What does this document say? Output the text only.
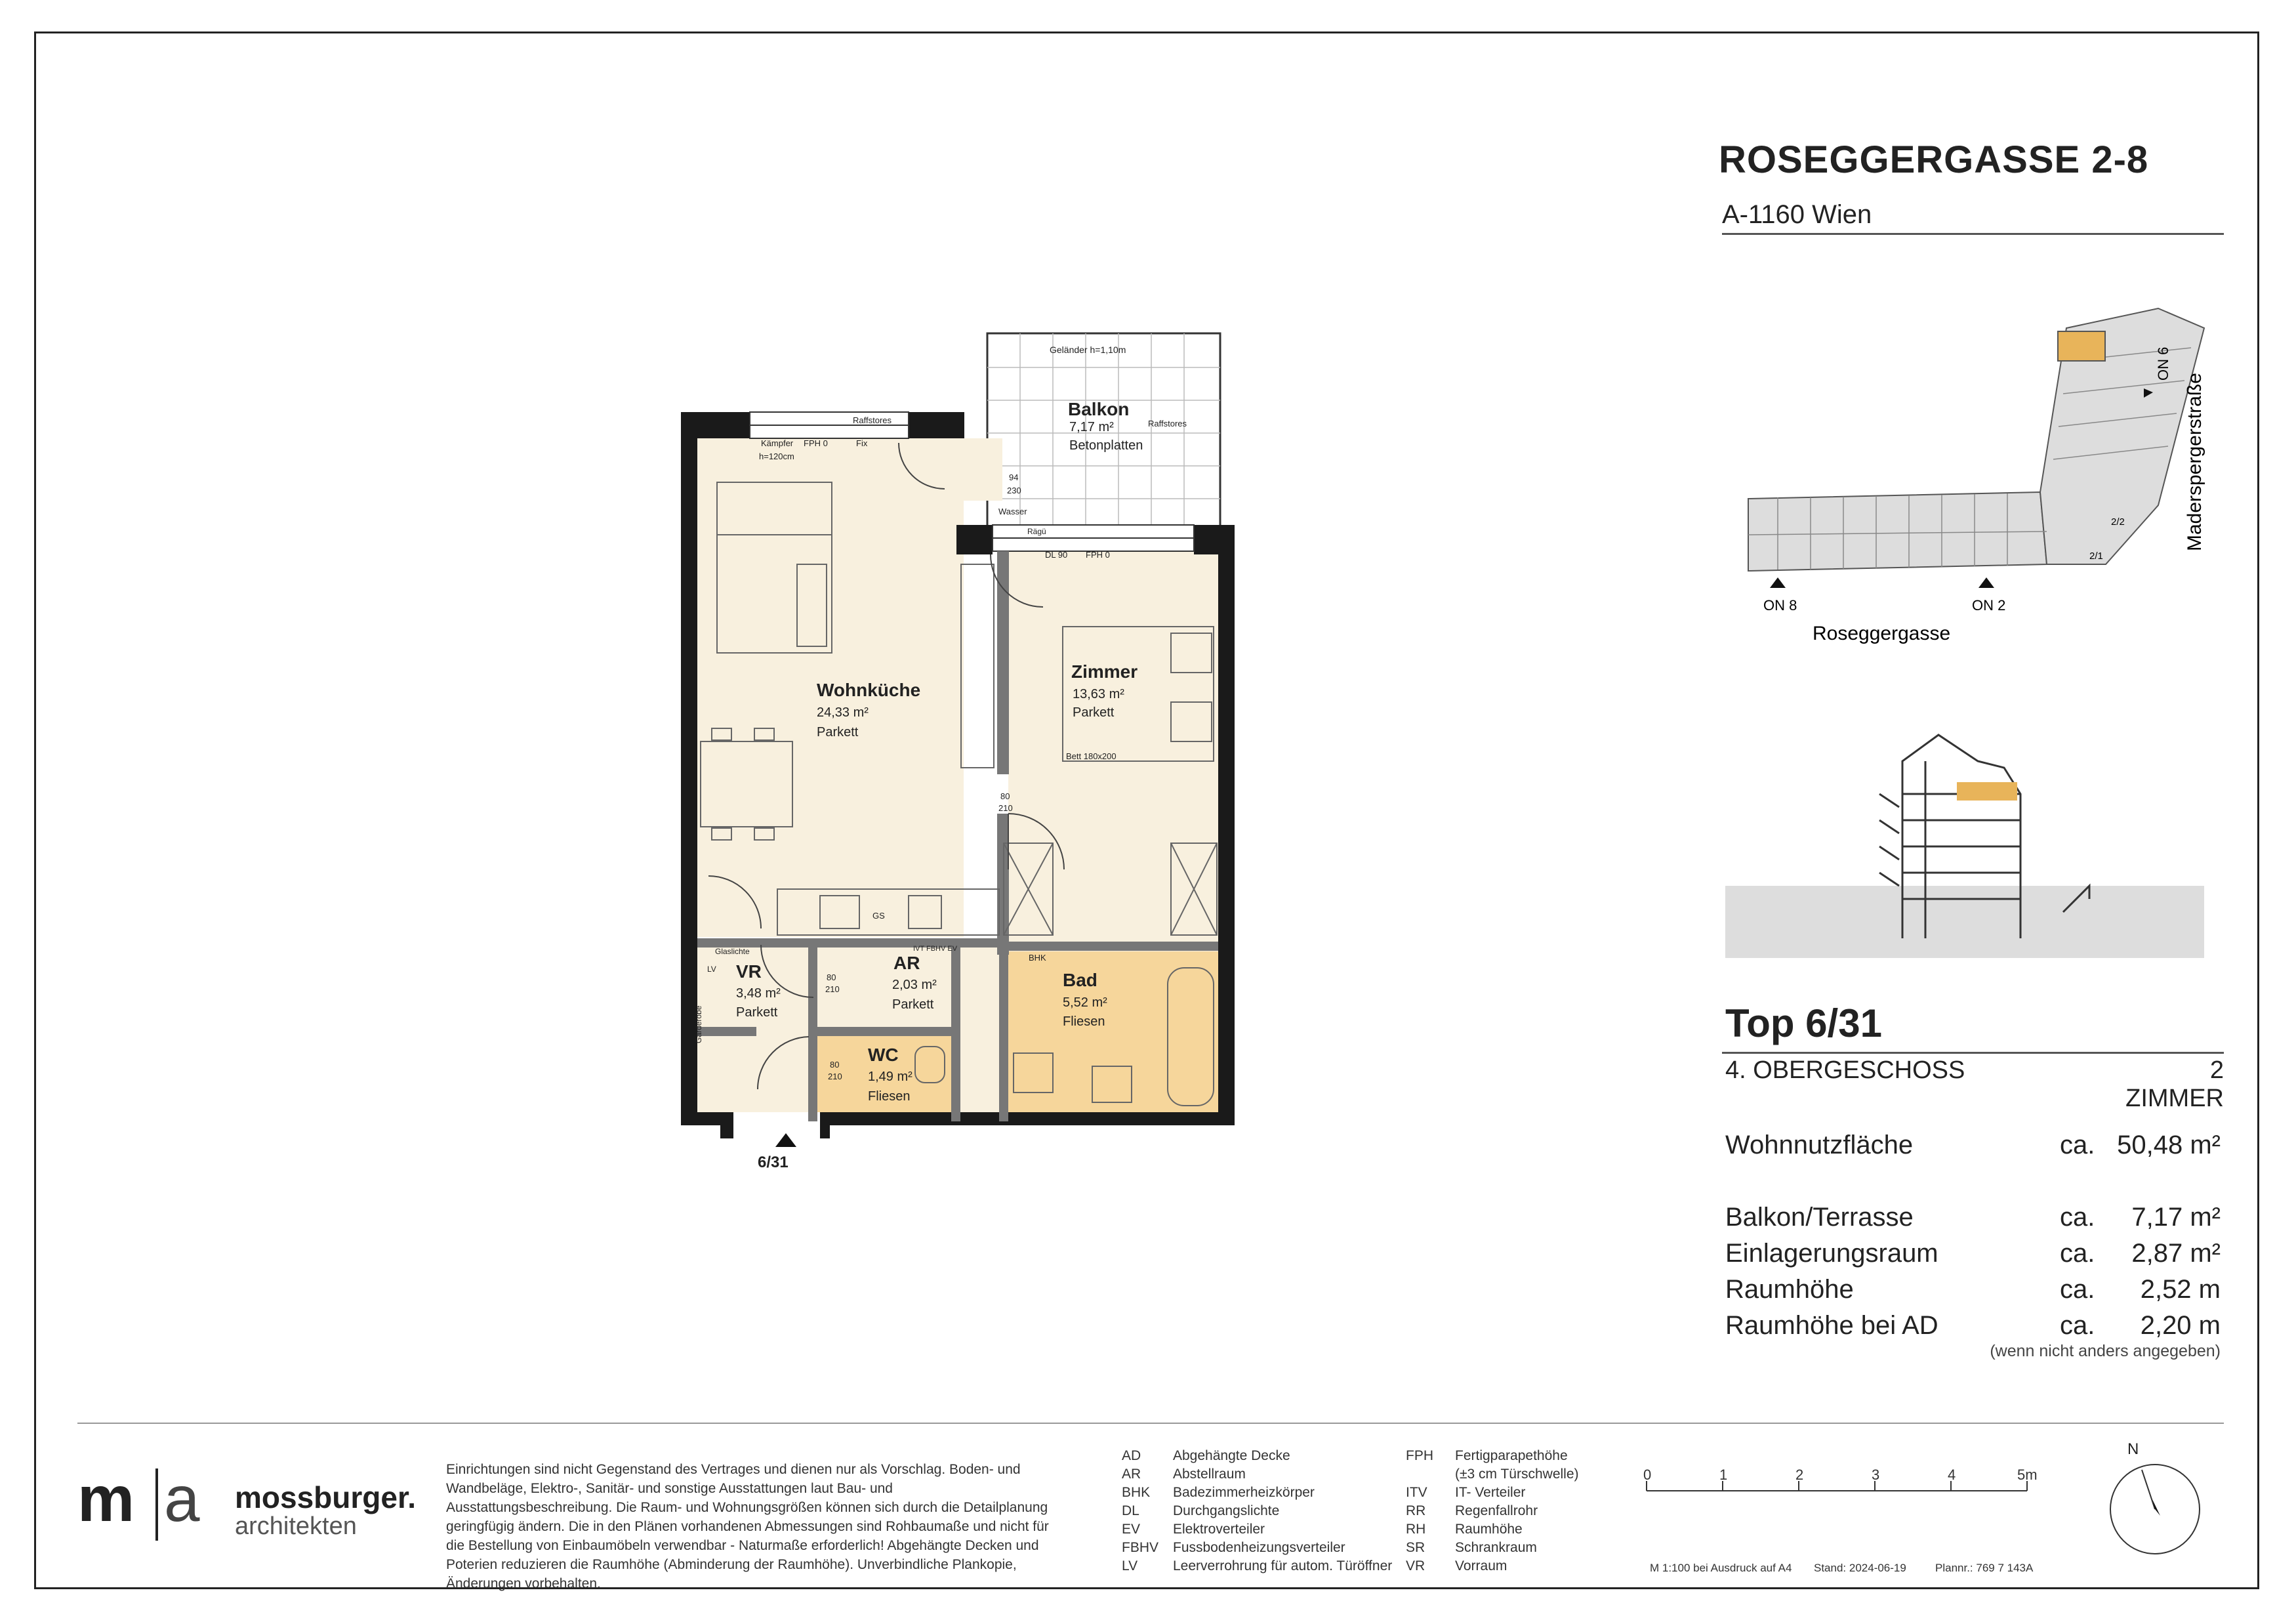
Balkon
7,17 m²
Betonplatten
Geländer h=1,10m
Wohnküche
24,33 m²
Parkett
Zimmer
13,63 m²
Parkett
Bett 180x200
VR
3,48 m²
Parkett
AR
2,03 m²
Parkett
Bad
5,52 m²
Fliesen
WC
1,49 m²
Fliesen
Raffstores
Raffstores
Kämpfer
h=120cm
FPH 0	Fix
Wasser
Rägü
DL 90 FPH 0
94
230
80
210
GS
BHK
Glaslichte
LV
IVT FBHV EV
80
210
80
210
Garderobe
6/31
ROSEGGERGASSE 2-8
A-1160 Wien
ON 8	ON 2
ON 6
Roseggergasse
Maderspergerstraße
2/2
2/1
Top 6/31
4. OBERGESCHOSS	2 ZIMMER
Wohnnutzfläche	ca. 50,48 m²
Balkon/Terrasse	ca.	7,17 m²
Einlagerungsraum	ca.	2,87 m²
Raumhöhe	ca.	2,52 m
Raumhöhe bei AD	ca.	2,20 m
(wenn nicht anders angegeben)
m a mossburger.
architekten
Einrichtungen sind nicht Gegenstand des Vertrages und dienen nur als Vorschlag. Boden- und Wandbeläge, Elektro-, Sanitär- und sonstige Ausstattungen laut Bau- und Ausstattungsbeschreibung. Die Raum- und Wohnungsgrößen können sich durch die Detailplanung geringfügig ändern. Die in den Plänen vorhandenen Abmessungen sind Rohbaumaße und nicht für die Bestellung von Einbaumöbeln verwendbar - Naturmaße erforderlich! Abgehängte Decken und Poterien reduzieren die Raumhöhe (Abminderung der Raumhöhe). Unverbindliche Plankopie, Änderungen vorbehalten.
AD	Abgehängte Decke
AR	Abstellraum
BHK	Badezimmerheizkörper
DL	Durchgangslichte
EV	Elektroverteiler
FBHV	Fussbodenheizungsverteiler
LV	Leerverrohrung für autom. Türöffner
FPH	Fertigparapethöhe
(±3 cm Türschwelle)
ITV	IT- Verteiler
RR	Regenfallrohr
RH	Raumhöhe
SR	Schrankraum
VR	Vorraum
0	1	2	3	4	5m
N
M 1:100 bei Ausdruck auf A4 Stand: 2024-06-19	Plannr.: 769 7 143A
